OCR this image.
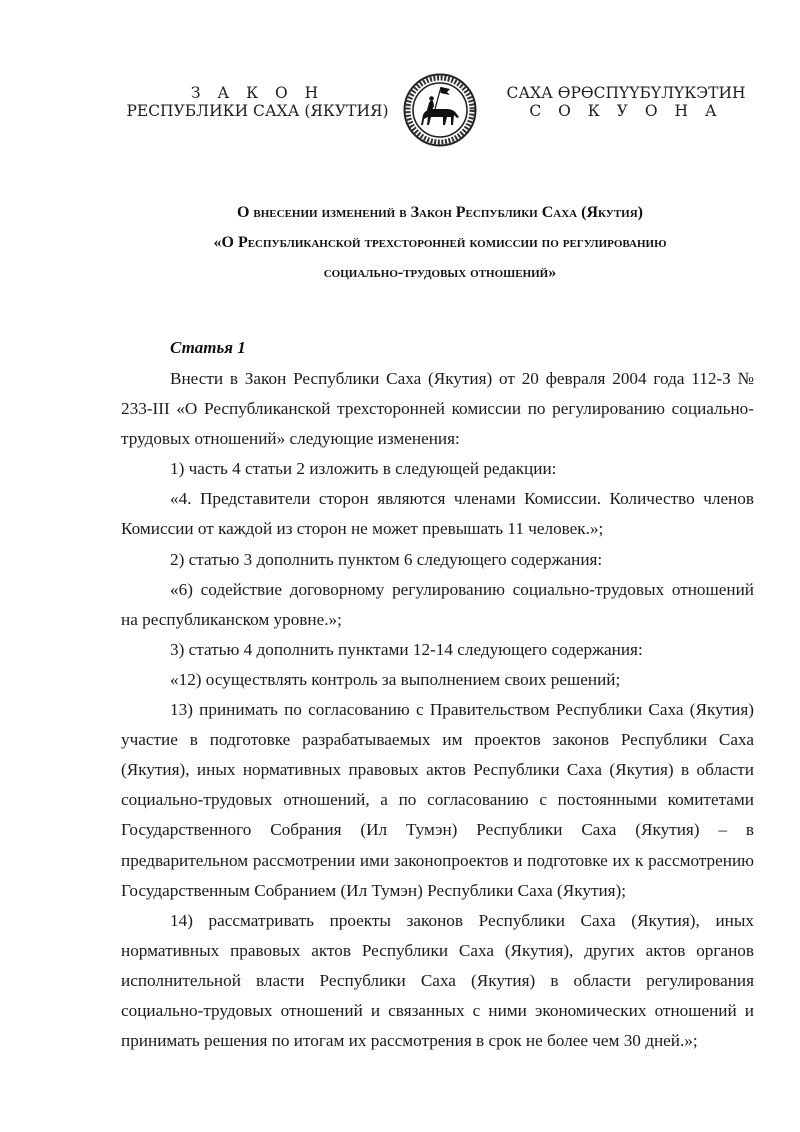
З А К О Н
РЕСПУБЛИКИ САХА (ЯКУТИЯ)
САХА ӨРӨСПҮҮБҮЛҮКЭТИН
С О К У О Н А
О внесении изменений в Закон Республики Саха (Якутия)
«О Республиканской трехсторонней комиссии по регулированию
социально-трудовых отношений»
Статья 1

Внести в Закон Республики Саха (Якутия) от 20 февраля 2004 года 112-З № 233-III «О Республиканской трехсторонней комиссии по регулированию социально-трудовых отношений» следующие изменения:

1) часть 4 статьи 2 изложить в следующей редакции:

«4. Представители сторон являются членами Комиссии. Количество членов Комиссии от каждой из сторон не может превышать 11 человек.»;

2) статью 3 дополнить пунктом 6 следующего содержания:

«6) содействие договорному регулированию социально-трудовых отношений на республиканском уровне.»;

3) статью 4 дополнить пунктами 12-14 следующего содержания:

«12) осуществлять контроль за выполнением своих решений;

13) принимать по согласованию с Правительством Республики Саха (Якутия) участие в подготовке разрабатываемых им проектов законов Республики Саха (Якутия), иных нормативных правовых актов Республики Саха (Якутия) в области социально-трудовых отношений, а по согласованию с постоянными комитетами Государственного Собрания (Ил Тумэн) Республики Саха (Якутия) – в предварительном рассмотрении ими законопроектов и подготовке их к рассмотрению Государственным Собранием (Ил Тумэн) Республики Саха (Якутия);

14) рассматривать проекты законов Республики Саха (Якутия), иных нормативных правовых актов Республики Саха (Якутия), других актов органов исполнительной власти Республики Саха (Якутия) в области регулирования социально-трудовых отношений и связанных с ними экономических отношений и принимать решения по итогам их рассмотрения в срок не более чем 30 дней.»;
